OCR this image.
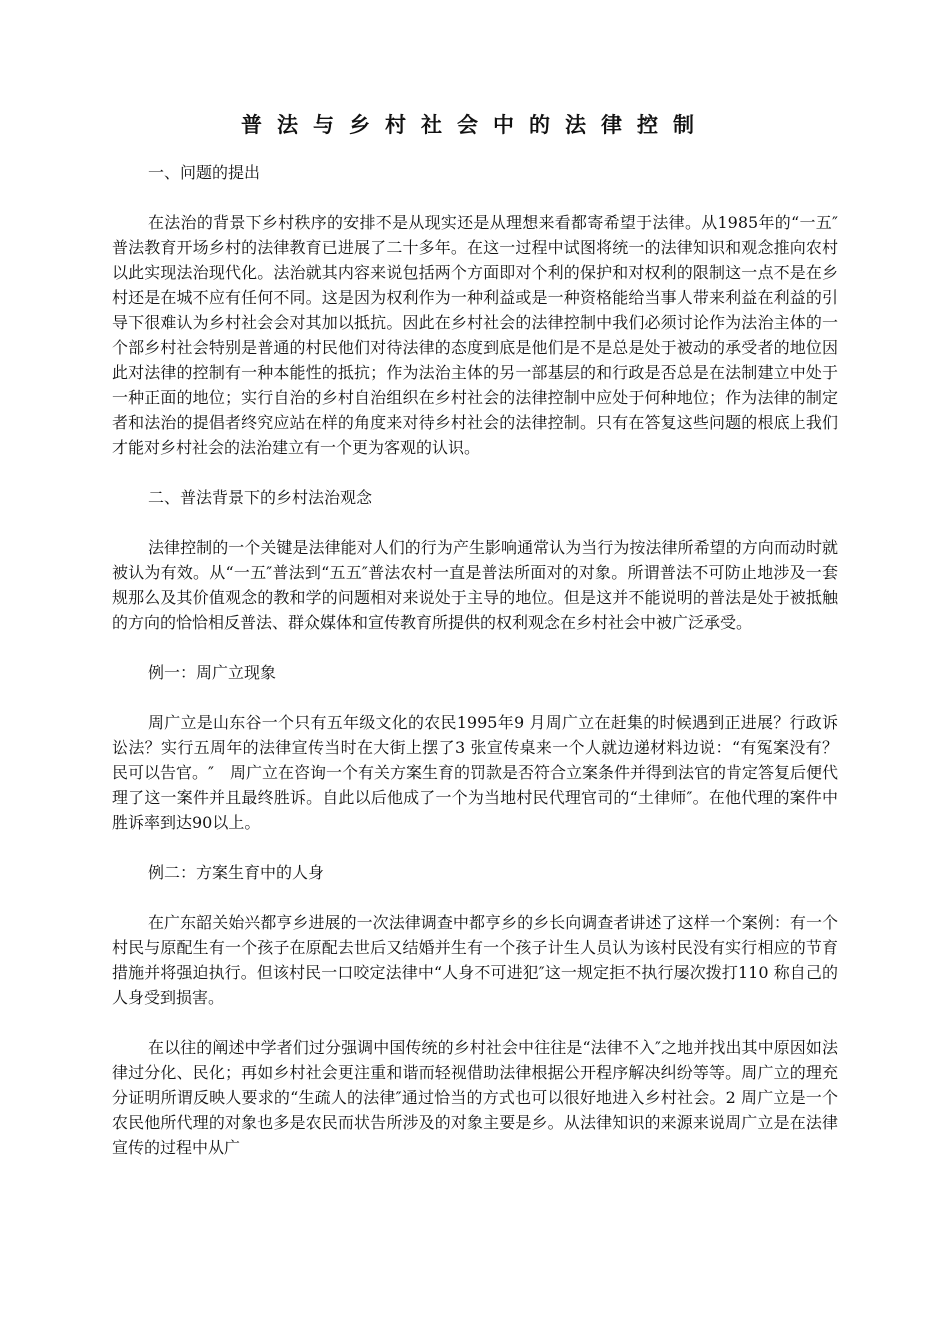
普法与乡村社会中的法律控制
一、问题的提出
在法治的背景下乡村秩序的安排不是从现实还是从理想来看都寄希望于法律。从1985年的“一五″普法教育开场乡村的法律教育已进展了二十多年。在这一过程中试图将统一的法律知识和观念推向农村以此实现法治现代化。法治就其内容来说包括两个方面即对个利的保护和对权利的限制这一点不是在乡村还是在城不应有任何不同。这是因为权利作为一种利益或是一种资格能给当事人带来利益在利益的引导下很难认为乡村社会会对其加以抵抗。因此在乡村社会的法律控制中我们必须讨论作为法治主体的一个部乡村社会特别是普通的村民他们对待法律的态度到底是他们是不是总是处于被动的承受者的地位因此对法律的控制有一种本能性的抵抗；作为法治主体的另一部基层的和行政是否总是在法制建立中处于一种正面的地位；实行自治的乡村自治组织在乡村社会的法律控制中应处于何种地位；作为法律的制定者和法治的提倡者终究应站在样的角度来对待乡村社会的法律控制。只有在答复这些问题的根底上我们才能对乡村社会的法治建立有一个更为客观的认识。
二、普法背景下的乡村法治观念
法律控制的一个关键是法律能对人们的行为产生影响通常认为当行为按法律所希望的方向而动时就被认为有效。从“一五″普法到“五五″普法农村一直是普法所面对的对象。所谓普法不可防止地涉及一套规那么及其价值观念的教和学的问题相对来说处于主导的地位。但是这并不能说明的普法是处于被抵触的方向的恰恰相反普法、群众媒体和宣传教育所提供的权利观念在乡村社会中被广泛承受。
例一：周广立现象
周广立是山东谷一个只有五年级文化的农民1995年9 月周广立在赶集的时候遇到正进展？行政诉讼法？实行五周年的法律宣传当时在大街上摆了3 张宣传桌来一个人就边递材料边说：“有冤案没有？民可以告官。″　周广立在咨询一个有关方案生育的罚款是否符合立案条件并得到法官的肯定答复后便代理了这一案件并且最终胜诉。自此以后他成了一个为当地村民代理官司的“土律师″。在他代理的案件中胜诉率到达90以上。
例二：方案生育中的人身
在广东韶关始兴都亨乡进展的一次法律调查中都亨乡的乡长向调查者讲述了这样一个案例：有一个村民与原配生有一个孩子在原配去世后又结婚并生有一个孩子计生人员认为该村民没有实行相应的节育措施并将强迫执行。但该村民一口咬定法律中“人身不可进犯″这一规定拒不执行屡次拨打110 称自己的人身受到损害。
在以往的阐述中学者们过分强调中国传统的乡村社会中往往是“法律不入″之地并找出其中原因如法律过分化、民化；再如乡村社会更注重和谐而轻视借助法律根据公开程序解决纠纷等等。周广立的理充分证明所谓反映人要求的“生疏人的法律″通过恰当的方式也可以很好地进入乡村社会。2 周广立是一个农民他所代理的对象也多是农民而状告所涉及的对象主要是乡。从法律知识的来源来说周广立是在法律宣传的过程中从广
